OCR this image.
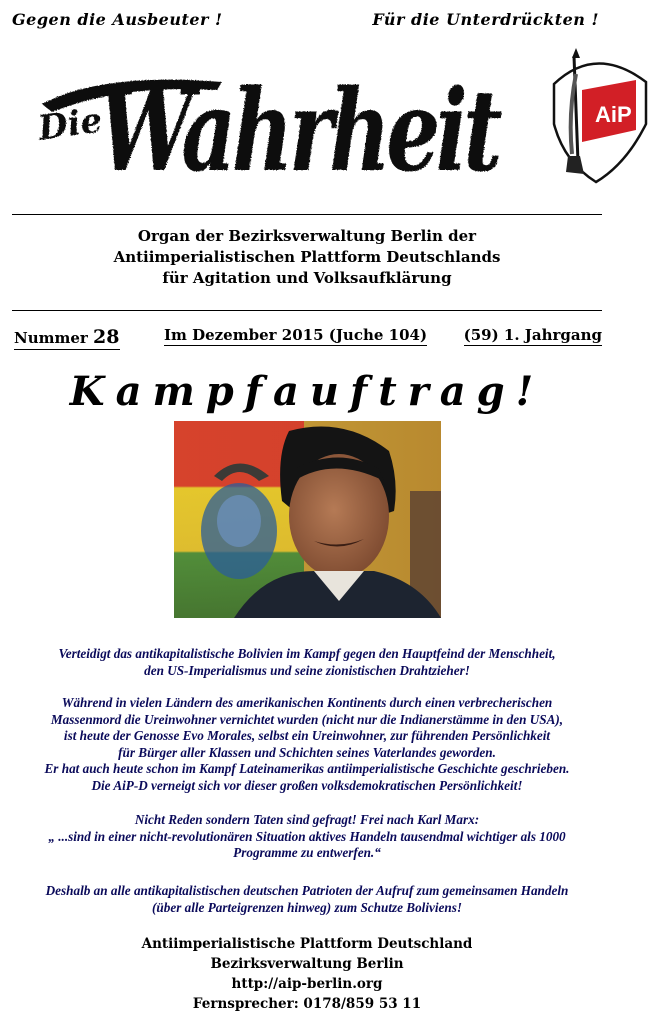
Gegen die Ausbeuter !	Für die Unterdrückten !
Die
Wahrheit	AiP
Organ der Bezirksverwaltung Berlin der
Antiimperialistischen Plattform Deutschlands
für Agitation und Volksaufklärung
Nummer 28	Im Dezember 2015 (Juche 104) (59) 1. Jahrgang
Kampfauftrag!
Verteidigt das antikapitalistische Bolivien im Kampf gegen den Hauptfeind der Menschheit,
den US-Imperialismus und seine zionistischen Drahtzieher!
Während in vielen Ländern des amerikanischen Kontinents durch einen verbrecherischen
Massenmord die Ureinwohner vernichtet wurden (nicht nur die Indianerstämme in den USA),
ist heute der Genosse Evo Morales, selbst ein Ureinwohner, zur führenden Persönlichkeit
für Bürger aller Klassen und Schichten seines Vaterlandes geworden.
Er hat auch heute schon im Kampf Lateinamerikas antiimperialistische Geschichte geschrieben.
Die AiP-D verneigt sich vor dieser großen volksdemokratischen Persönlichkeit!
Nicht Reden sondern Taten sind gefragt! Frei nach Karl Marx:
„ ...sind in einer nicht-revolutionären Situation aktives Handeln tausendmal wichtiger als 1000
Programme zu entwerfen.“
Deshalb an alle antikapitalistischen deutschen Patrioten der Aufruf zum gemeinsamen Handeln
(über alle Parteigrenzen hinweg) zum Schutze Boliviens!
Antiimperialistische Plattform Deutschland
Bezirksverwaltung Berlin
http://aip-berlin.org
Fernsprecher: 0178/859 53 11
